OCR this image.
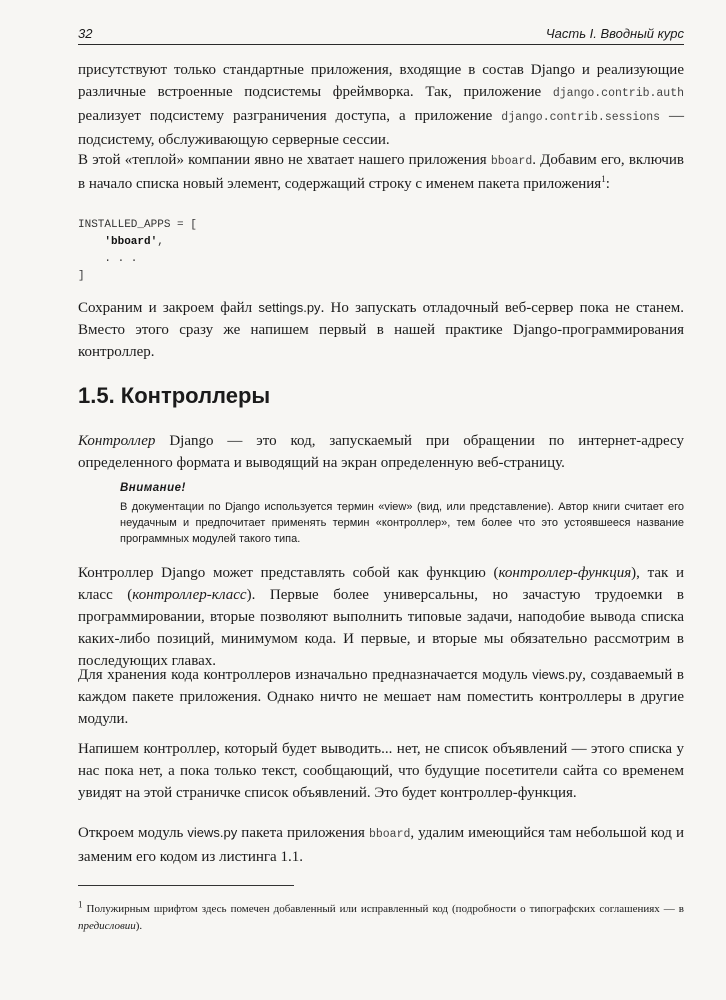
32	Часть I. Вводный курс
присутствуют только стандартные приложения, входящие в состав Django и реализующие различные встроенные подсистемы фреймворка. Так, приложение django.contrib.auth реализует подсистему разграничения доступа, а приложение django.contrib.sessions — подсистему, обслуживающую серверные сессии.
В этой «теплой» компании явно не хватает нашего приложения bboard. Добавим его, включив в начало списка новый элемент, содержащий строку с именем пакета приложения$^1$:
INSTALLED_APPS = [
'bboard',
. . .
]
Сохраним и закроем файл settings.py. Но запускать отладочный веб-сервер пока не станем. Вместо этого сразу же напишем первый в нашей практике Django-программирования контроллер.
1.5. Контроллеры
Контроллер Django — это код, запускаемый при обращении по интернет-адресу определенного формата и выводящий на экран определенную веб-страницу.
Внимание!
В документации по Django используется термин «view» (вид, или представление). Автор книги считает его неудачным и предпочитает применять термин «контроллер», тем более что это устоявшееся название программных модулей такого типа.
Контроллер Django может представлять собой как функцию (контроллер-функция), так и класс (контроллер-класс). Первые более универсальны, но зачастую трудоемки в программировании, вторые позволяют выполнить типовые задачи, наподобие вывода списка каких-либо позиций, минимумом кода. И первые, и вторые мы обязательно рассмотрим в последующих главах.
Для хранения кода контроллеров изначально предназначается модуль views.py, создаваемый в каждом пакете приложения. Однако ничто не мешает нам поместить контроллеры в другие модули.
Напишем контроллер, который будет выводить... нет, не список объявлений — этого списка у нас пока нет, а пока только текст, сообщающий, что будущие посетители сайта со временем увидят на этой страничке список объявлений. Это будет контроллер-функция.
Откроем модуль views.py пакета приложения bboard, удалим имеющийся там небольшой код и заменим его кодом из листинга 1.1.
$^1$ Полужирным шрифтом здесь помечен добавленный или исправленный код (подробности о типографских соглашениях — в предисловии).
